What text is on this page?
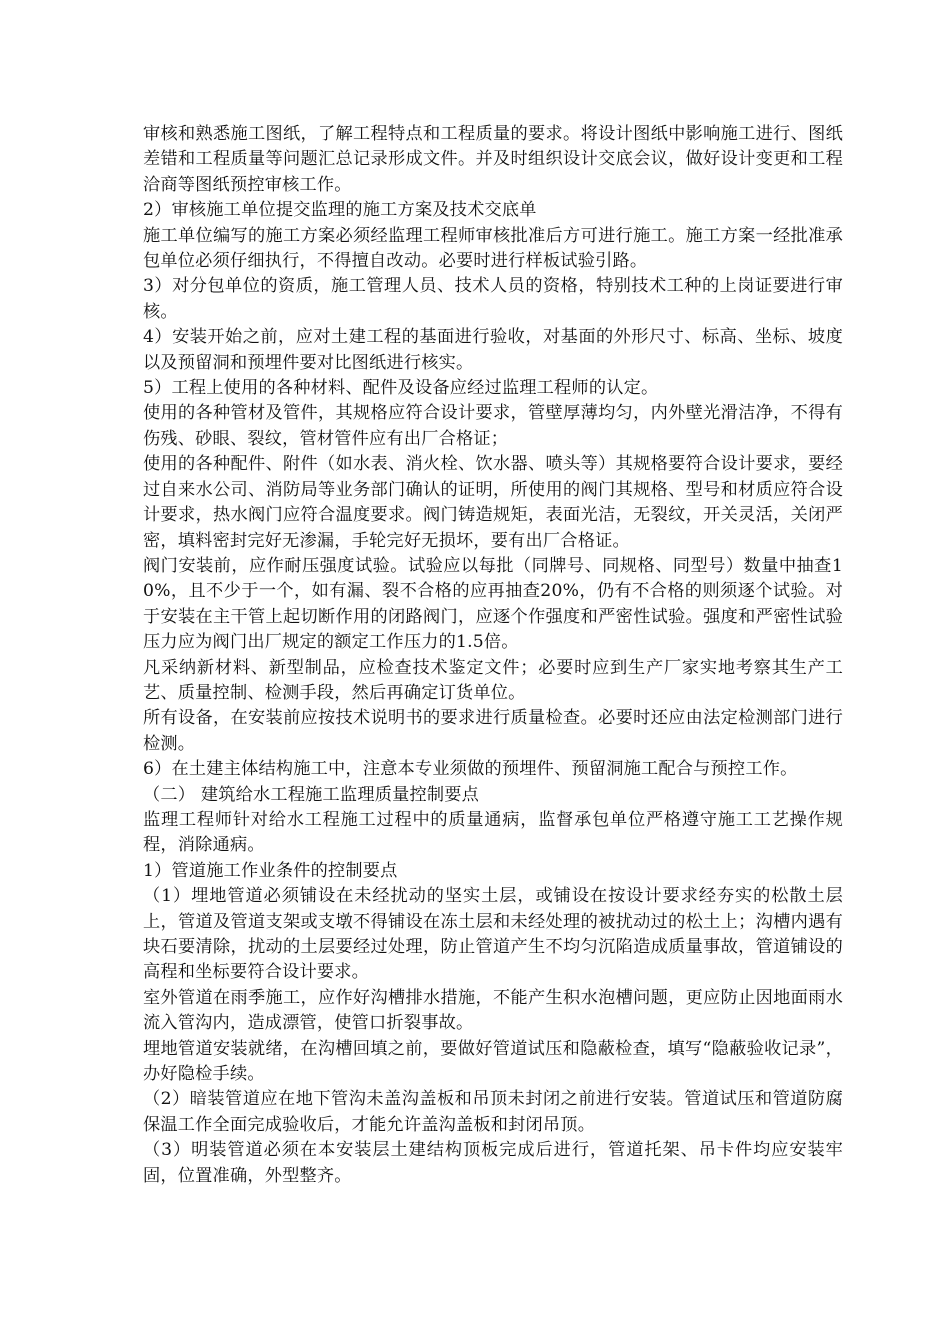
审核和熟悉施工图纸，了解工程特点和工程质量的要求。将设计图纸中影响施工进行、图纸差错和工程质量等问题汇总记录形成文件。并及时组织设计交底会议，做好设计变更和工程洽商等图纸预控审核工作。

2）审核施工单位提交监理的施工方案及技术交底单

施工单位编写的施工方案必须经监理工程师审核批准后方可进行施工。施工方案一经批准承包单位必须仔细执行，不得擅自改动。必要时进行样板试验引路。

3）对分包单位的资质，施工管理人员、技术人员的资格，特别技术工种的上岗证要进行审核。

4）安装开始之前，应对土建工程的基面进行验收，对基面的外形尺寸、标高、坐标、坡度以及预留洞和预埋件要对比图纸进行核实。

5）工程上使用的各种材料、配件及设备应经过监理工程师的认定。

使用的各种管材及管件，其规格应符合设计要求，管壁厚薄均匀，内外壁光滑洁净，不得有伤残、砂眼、裂纹，管材管件应有出厂合格证；

使用的各种配件、附件（如水表、消火栓、饮水器、喷头等）其规格要符合设计要求，要经过自来水公司、消防局等业务部门确认的证明，所使用的阀门其规格、型号和材质应符合设计要求，热水阀门应符合温度要求。阀门铸造规矩，表面光洁，无裂纹，开关灵活，关闭严密，填料密封完好无渗漏，手轮完好无损坏，要有出厂合格证。

阀门安装前，应作耐压强度试验。试验应以每批（同牌号、同规格、同型号）数量中抽查10%，且不少于一个，如有漏、裂不合格的应再抽查20%，仍有不合格的则须逐个试验。对于安装在主干管上起切断作用的闭路阀门，应逐个作强度和严密性试验。强度和严密性试验压力应为阀门出厂规定的额定工作压力的1.5倍。

凡采纳新材料、新型制品，应检查技术鉴定文件；必要时应到生产厂家实地考察其生产工艺、质量控制、检测手段，然后再确定订货单位。

所有设备，在安装前应按技术说明书的要求进行质量检查。必要时还应由法定检测部门进行检测。

6）在土建主体结构施工中，注意本专业须做的预埋件、预留洞施工配合与预控工作。

（二） 建筑给水工程施工监理质量控制要点

监理工程师针对给水工程施工过程中的质量通病，监督承包单位严格遵守施工工艺操作规程，消除通病。

1）管道施工作业条件的控制要点

（1）埋地管道必须铺设在未经扰动的坚实土层，或铺设在按设计要求经夯实的松散土层上，管道及管道支架或支墩不得铺设在冻土层和未经处理的被扰动过的松土上；沟槽内遇有块石要清除，扰动的土层要经过处理，防止管道产生不均匀沉陷造成质量事故，管道铺设的高程和坐标要符合设计要求。

室外管道在雨季施工，应作好沟槽排水措施，不能产生积水泡槽问题，更应防止因地面雨水流入管沟内，造成漂管，使管口折裂事故。

埋地管道安装就绪，在沟槽回填之前，要做好管道试压和隐蔽检查，填写“隐蔽验收记录”，办好隐检手续。

（2）暗装管道应在地下管沟未盖沟盖板和吊顶未封闭之前进行安装。管道试压和管道防腐保温工作全面完成验收后，才能允许盖沟盖板和封闭吊顶。

（3）明装管道必须在本安装层土建结构顶板完成后进行，管道托架、吊卡件均应安装牢固，位置准确，外型整齐。
